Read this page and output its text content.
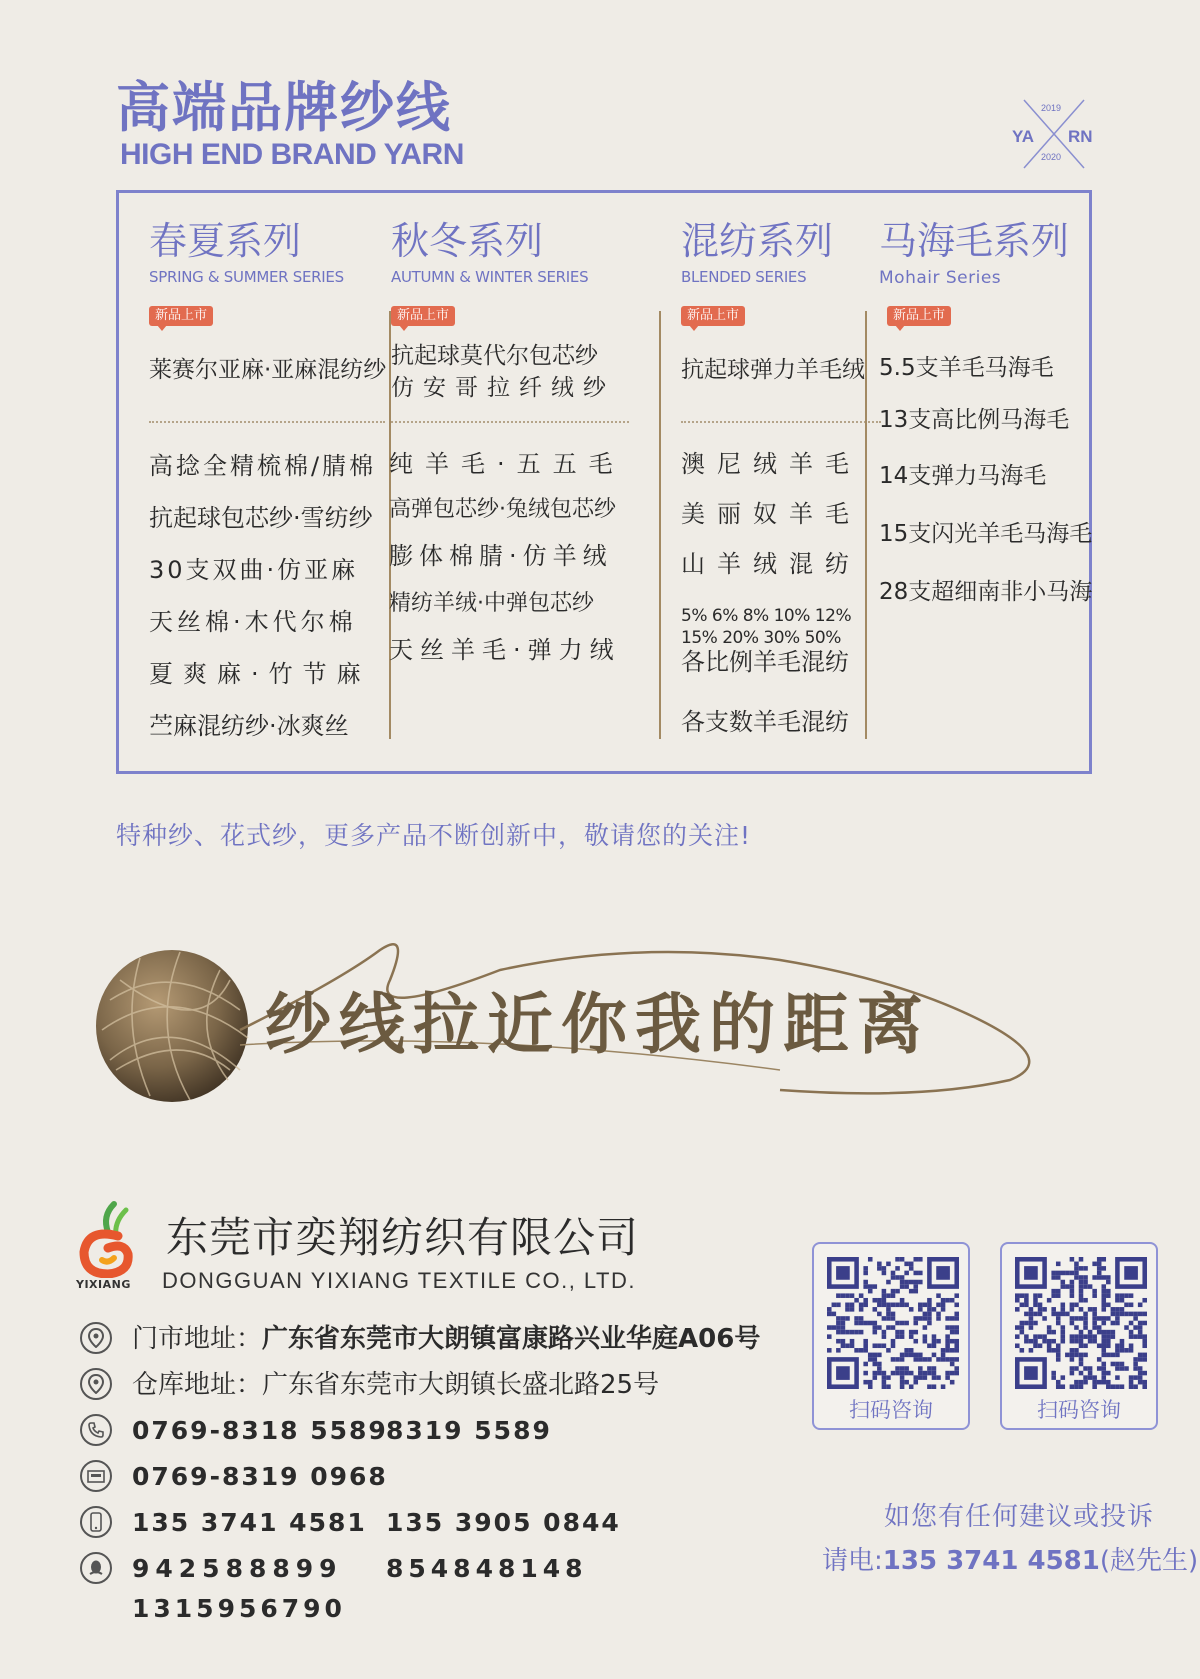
高端品牌纱线
HIGH END BRAND YARN
YA RN
2019
2020
春夏系列
SPRING & SUMMER SERIES
新品上市
莱赛尔亚麻·亚麻混纺纱
高捻全精梳棉/腈棉
抗起球包芯纱·雪纺纱
30支双曲·仿亚麻
天丝棉·木代尔棉
夏爽麻·竹节麻
苎麻混纺纱·冰爽丝
秋冬系列
AUTUMN & WINTER SERIES
新品上市
抗起球莫代尔包芯纱
仿安哥拉纤绒纱
纯羊毛·五五毛
高弹包芯纱·兔绒包芯纱
膨体棉腈·仿羊绒
精纺羊绒·中弹包芯纱
天丝羊毛·弹力绒
混纺系列
BLENDED SERIES
新品上市
抗起球弹力羊毛绒
澳尼绒羊毛
美丽奴羊毛
山羊绒混纺
5% 6% 8% 10% 12%
15% 20% 30% 50%
各比例羊毛混纺
各支数羊毛混纺
马海毛系列
Mohair Series
新品上市
5.5支羊毛马海毛
13支高比例马海毛
14支弹力马海毛
15支闪光羊毛马海毛
28支超细南非小马海
特种纱、花式纱，更多产品不断创新中，敬请您的关注!
纱线拉近你我的距离
YIXIANG
东莞市奕翔纺织有限公司
DONGGUAN YIXIANG TEXTILE CO., LTD.
门市地址：广东省东莞市大朗镇富康路兴业华庭A06号
仓库地址：广东省东莞市大朗镇长盛北路25号
0769-8318 5589
8319 5589
0769-8319 0968
135 3741 4581 135 3905 0844
942588899 854848148
1315956790
扫码咨询	扫码咨询
如您有任何建议或投诉
请电:135 3741 4581(赵先生)
